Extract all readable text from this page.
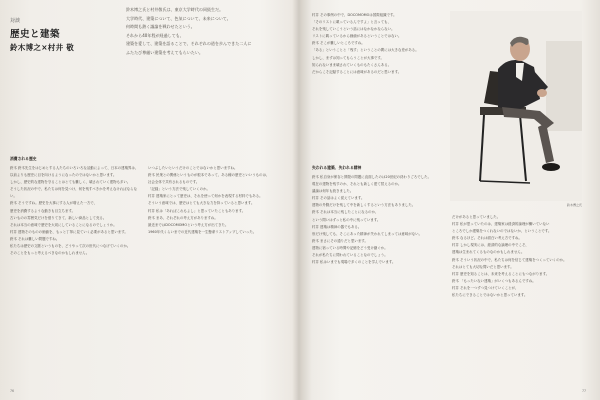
対談
歴史と建築
鈴木博之×村井 敬

鈴木博之氏と村井敬氏は、東京大学時代の同級生だ。

大学時代、建築について、色気について、未来について。

何時間も熱く議論を戦わせたという。

それから40年程が経過しても、

建築を愛して、建築を語ることで、それぞれの道を歩んできた二人に

ふたたび尊厳い建築を考えてもらいたい。

消費される歴史

鈴木 鈴木先生をはじめとする人たちのいろいろな活動によって、日本の建築界は、

以前よりも歴史に目を向けるようになったのではないかと思います。

しかし、歴史的な建物を守ることはとても難しく、壊されていく建物も多い。

そうした状況の中で、私たちは何を見つけ、何を残すべきかを考えなければならない。

鈴木 そうですね。歴史を大事にする人が増えた一方で、

歴史を消費するような動きも目立ちます。

古いものの雰囲気だけを借りてきて、新しい商品として売る。

それは本当の意味で歴史を大切にしていることになるのでしょうか。

村井 建物そのものの価値を、もっと丁寧に見ていく必要があると思います。

鈴木 それは難しい問題ですね。

私たちは歴史の文脈というものを、どうやって次の世代につなげていくのか。

そのことをもっと考えるべきなのかもしれません。

いつぶしたいというだけのことではないかと思いますね。

鈴木 民衆との関係というものが根本であって、ある種の歴史といいうものは、

社会全体で共有されるものです。

「記録」という方法で残していくのか。

村井 建築家にとって歴史は、それを使って何かを表現する材料でもある。

そういう意味では、歴史はとても大きな力を持っていると思います。

村井 私は「あればこれもよし」と思っていたこともあります。

鈴木 まあ、それぞれの考え方がありますね。

最近まではDOCOMOMOという考え方が出てきた。

1960年代くらいまでの近代建築を一生懸命リストアップしていった。

76

村井 その事例の中で、DOCOMOMOは国際組織です。

「そのリストに載っているんですよ」と言っても、

それを残していこうという話にはなかなかならない。

リストに載っているから価値があるということではない。

鈴木 そこが難しいところですね。

「ある」ということと「残す」ということの間には大きな差がある。

しかし、まずは知ってもらうことが大事です。

知られないまま壊されていくものもたくさんある。

だからこそ記録することには意味があるのだと思います。

失われる建築、失われる精神

鈴木 私自身が保存と開発の問題に直面したのは20世紀の終わりごろでした。

現在の建物を残すのか、それとも新しく建て替えるのか。

議論は何年も続きました。

村井 その話はよく覚えています。

建物の外側だけを残して中を新しくするという方法もありました。

鈴木 それは本当に残したことになるのか、

という問いはずっと私の中に残っています。

村井 建築は精神の器でもある。

形だけ残しても、そこにあった精神が失われてしまっては意味がない。

鈴木 まさにその通りだと思います。

建物に宿っている時間や記憶をどう受け継ぐか。

それが私たちに問われていることなのでしょう。

村井 私はいまでも現場で多くのことを学んでいます。

鈴木博之氏

だけがあると思っていました。

村井 私が思っていたのは、建築家は経済的論理が働いていない

ところでしか建築をつくれないのではないか、ということです。

鈴木 なるほど。それは面白い考え方ですね。

村井 しかし現実には、経済的な論理の中でこそ、

建築は生まれてくるものなのかもしれません。

鈴木 そういう状況の中で、私たちは何を信じて建築をつくっていくのか。

それはとても大切な問いだと思います。

村井 歴史を知ることは、未来を考えることにもつながります。

鈴木 「もったいない建築」がいくつもあるんですね。

村井 それを一つずつ見つけていくことが、

私たちにできることではないかと思っています。

77
